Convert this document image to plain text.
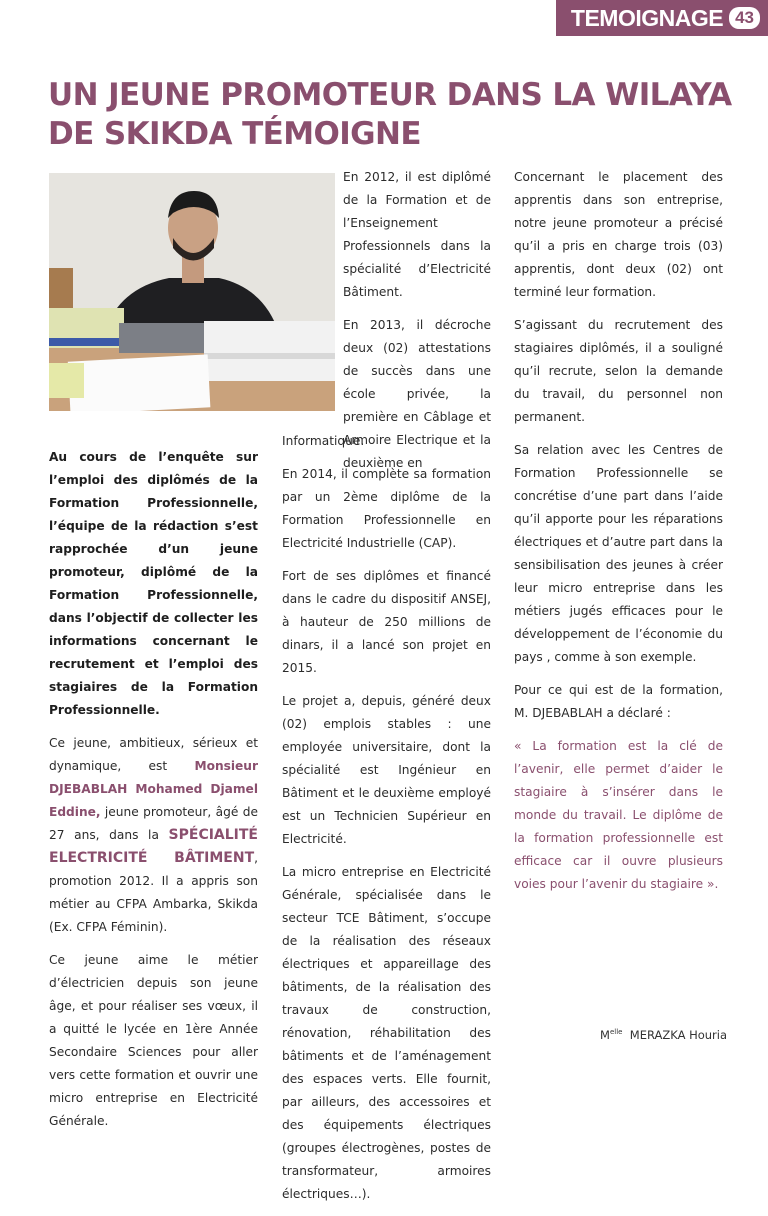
TEMOIGNAGE 43
UN JEUNE PROMOTEUR DANS LA WILAYA DE SKIKDA TÉMOIGNE

Au cours de l’enquête sur l’emploi des diplômés de la Formation Professionnelle, l’équipe de la rédaction s’est rapprochée d’un jeune promoteur, diplômé de la Formation Professionnelle, dans l’objectif de collecter les informations concernant le recrutement et l’emploi des stagiaires de la Formation Professionnelle.

Ce jeune, ambitieux, sérieux et dynamique, est Monsieur DJEBABLAH Mohamed Djamel Eddine, jeune promoteur, âgé de 27 ans, dans la SPÉCIALITÉ ELECTRICITÉ BÂTIMENT, promotion 2012. Il a appris son métier au CFPA Ambarka, Skikda (Ex. CFPA Féminin).

Ce jeune aime le métier d’électricien depuis son jeune âge, et pour réaliser ses vœux, il a quitté le lycée en 1ère Année Secondaire Sciences pour aller vers cette formation et ouvrir une micro entreprise en Electricité Générale.

En 2012, il est diplômé de la Formation et de l’Enseignement Professionnels dans la spécialité d’Electricité Bâtiment.

En 2013, il décroche deux (02) attestations de succès dans une école privée, la première en Câblage et Armoire Electrique et la deuxième en

Informatique.

En 2014, il complète sa formation par un 2ème diplôme de la Formation Professionnelle en Electricité Industrielle (CAP).

Fort de ses diplômes et financé dans le cadre du dispositif ANSEJ, à hauteur de 250 millions de dinars, il a lancé son projet en 2015.

Le projet a, depuis, généré deux (02) emplois stables : une employée universitaire, dont la spécialité est Ingénieur en Bâtiment et le deuxième employé est un Technicien Supérieur en Electricité.

La micro entreprise en Electricité Générale, spécialisée dans le secteur TCE Bâtiment, s’occupe de la réalisation des réseaux électriques et appareillage des bâtiments, de la réalisation des travaux de construction, rénovation, réhabilitation des bâtiments et de l’aménagement des espaces verts. Elle fournit, par ailleurs, des accessoires et des équipements électriques (groupes électrogènes, postes de transformateur, armoires électriques…).

Concernant le placement des apprentis dans son entreprise, notre jeune promoteur a précisé qu’il a pris en charge trois (03) apprentis, dont deux (02) ont terminé leur formation.

S’agissant du recrutement des stagiaires diplômés, il a souligné qu’il recrute, selon la demande du travail, du personnel non permanent.

Sa relation avec les Centres de Formation Professionnelle se concrétise d’une part dans l’aide qu’il apporte pour les réparations électriques et d’autre part dans la sensibilisation des jeunes à créer leur micro entreprise dans les métiers jugés efficaces pour le développement de l’économie du pays , comme à son exemple.

Pour ce qui est de la formation, M. DJEBABLAH a déclaré :

« La formation est la clé de l’avenir, elle permet d’aider le stagiaire à s’insérer dans le monde du travail. Le diplôme de la formation professionnelle est efficace car il ouvre plusieurs voies pour l’avenir du stagiaire ».

$M^{elle}$ MERAZKA Houria
